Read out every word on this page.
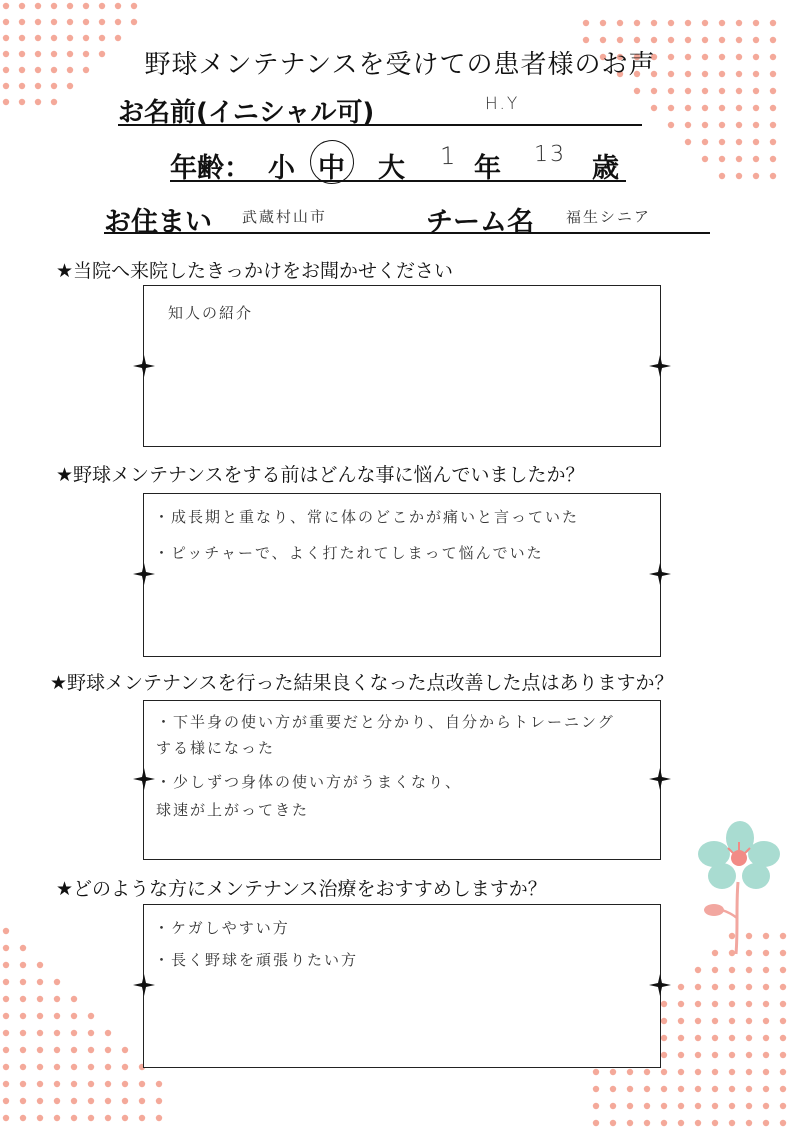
野球メンテナンスを受けての患者様のお声
お名前(イニシャル可)	H.Y
年齢： 小 中 大 1 年 13 歳
お住まい 武蔵村山市	チーム名 福生シニア
★当院へ来院したきっかけをお聞かせください
知人の紹介
★野球メンテナンスをする前はどんな事に悩んでいましたか？
・成長期と重なり、常に体のどこかが痛いと言っていた
・ピッチャーで、よく打たれてしまって悩んでいた
★野球メンテナンスを行った結果良くなった点改善した点はありますか？
・下半身の使い方が重要だと分かり、自分からトレーニング
する様になった
・少しずつ身体の使い方がうまくなり、
球速が上がってきた
★どのような方にメンテナンス治療をおすすめしますか？
・ケガしやすい方
・長く野球を頑張りたい方
